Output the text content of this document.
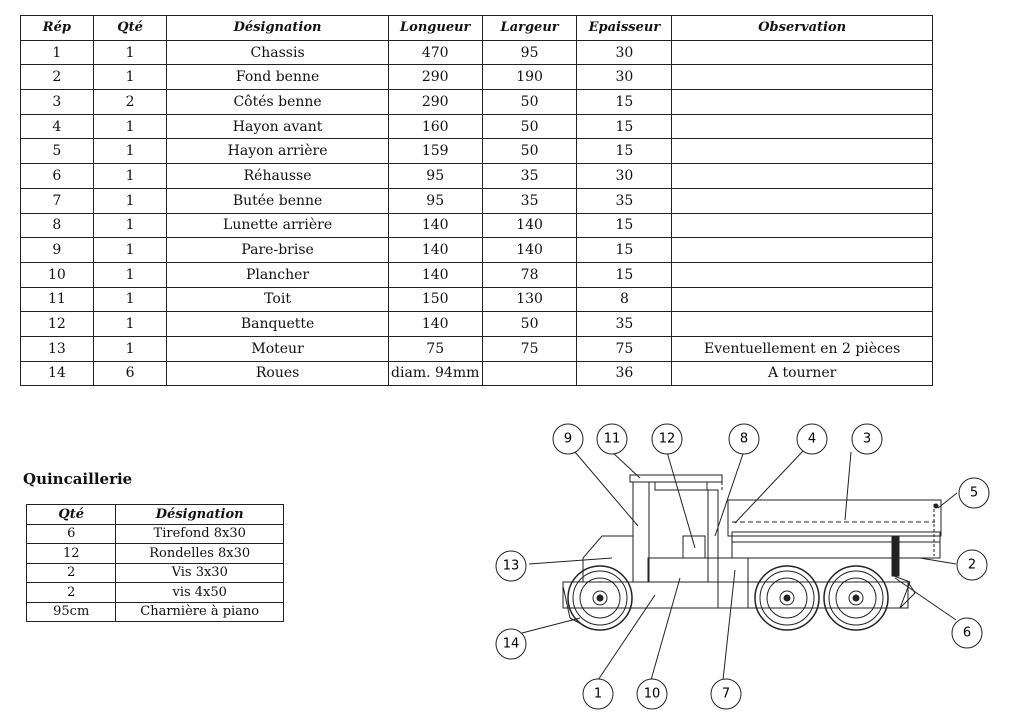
Rép	Qté	Désignation	Longueur	Largeur	Epaisseur	Observation
1	1	Chassis	470	95	30	
2	1	Fond benne	290	190	30	
3	2	Côtés benne	290	50	15	
4	1	Hayon avant	160	50	15	
5	1	Hayon arrière	159	50	15	
6	1	Réhausse	95	35	30	
7	1	Butée benne	95	35	35	
8	1	Lunette arrière	140	140	15	
9	1	Pare-brise	140	140	15	
10	1	Plancher	140	78	15	
11	1	Toit	150	130	8	
12	1	Banquette	140	50	35	
13	1	Moteur	75	75	75	Eventuellement en 2 pièces
14	6	Roues	diam. 94mm		36	A tourner
Quincaillerie
Qté	Désignation
6	Tirefond 8x30
12	Rondelles 8x30
2	Vis 3x30
2	vis 4x50
95cm	Charnière à piano
9 11	12	8	4	3
5
13	2
14
6
1	10	7
